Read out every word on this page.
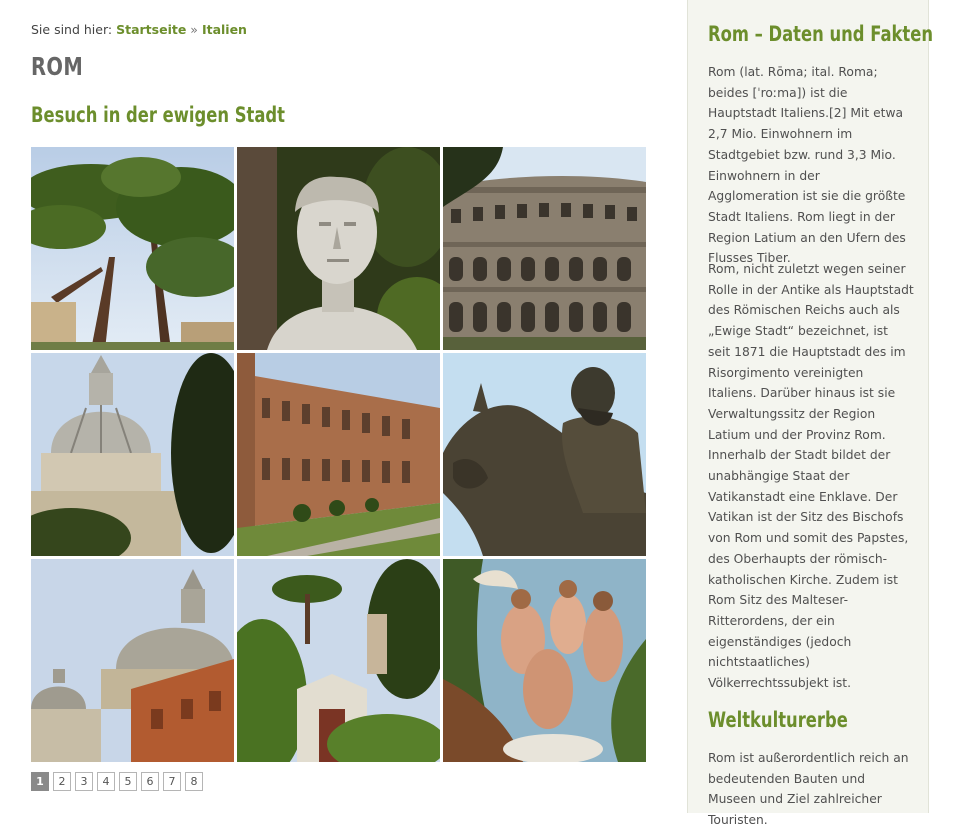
Sie sind hier: Startseite » Italien
ROM
Besuch in der ewigen Stadt
1	2	3	4	5	6	7	8
Rom – Daten und Fakten

Rom (lat. Rōma; ital. Roma; beides [ˈroːma]) ist die Hauptstadt Italiens.[2] Mit etwa 2,7 Mio. Einwohnern im Stadtgebiet bzw. rund 3,3 Mio. Einwohnern in der Agglomeration ist sie die größte Stadt Italiens. Rom liegt in der Region Latium an den Ufern des Flusses Tiber.

Rom, nicht zuletzt wegen seiner Rolle in der Antike als Hauptstadt des Römischen Reichs auch als „Ewige Stadt“ bezeichnet, ist seit 1871 die Hauptstadt des im Risorgimento vereinigten Italiens. Darüber hinaus ist sie Verwaltungssitz der Region Latium und der Provinz Rom. Innerhalb der Stadt bildet der unabhängige Staat der Vatikanstadt eine Enklave. Der Vatikan ist der Sitz des Bischofs von Rom und somit des Papstes, des Oberhaupts der römisch-katholischen Kirche. Zudem ist Rom Sitz des Malteser-Ritterordens, der ein eigenständiges (jedoch nichtstaatliches) Völkerrechtssubjekt ist.

Weltkulturerbe

Rom ist außerordentlich reich an bedeutenden Bauten und Museen und Ziel zahlreicher Touristen.
